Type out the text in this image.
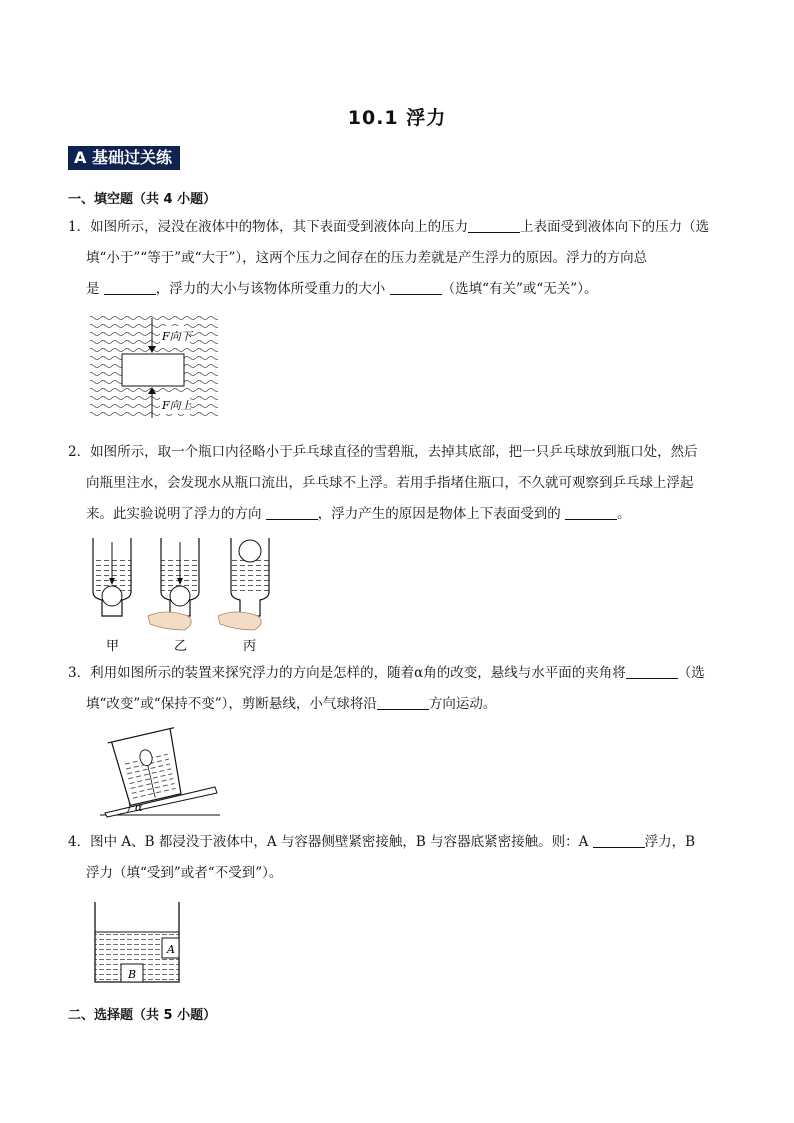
10.1 浮力
A 基础过关练
一、填空题（共 4 小题）

1．如图所示，浸没在液体中的物体，其下表面受到液体向上的压力	上表面受到液体向下的压力（选

填“小于”“等于”或“大于”），这两个压力之间存在的压力差就是产生浮力的原因。浮力的方向总

是	，浮力的大小与该物体所受重力的大小	（选填“有关”或“无关”）。

F向下
F向上

2．如图所示，取一个瓶口内径略小于乒乓球直径的雪碧瓶，去掉其底部，把一只乒乓球放到瓶口处，然后

向瓶里注水，会发现水从瓶口流出，乒乓球不上浮。若用手指堵住瓶口，不久就可观察到乒乓球上浮起

来。此实验说明了浮力的方向	，浮力产生的原因是物体上下表面受到的	。

甲	乙	丙

3．利用如图所示的装置来探究浮力的方向是怎样的，随着α角的改变，悬线与水平面的夹角将	（选

填“改变”或“保持不变”），剪断悬线，小气球将沿	方向运动。

α

4．图中 A、B 都浸没于液体中，A 与容器侧壁紧密接触，B 与容器底紧密接触。则：A	浮力，B

浮力（填“受到”或者“不受到”）。

A
B
二、选择题（共 5 小题）
